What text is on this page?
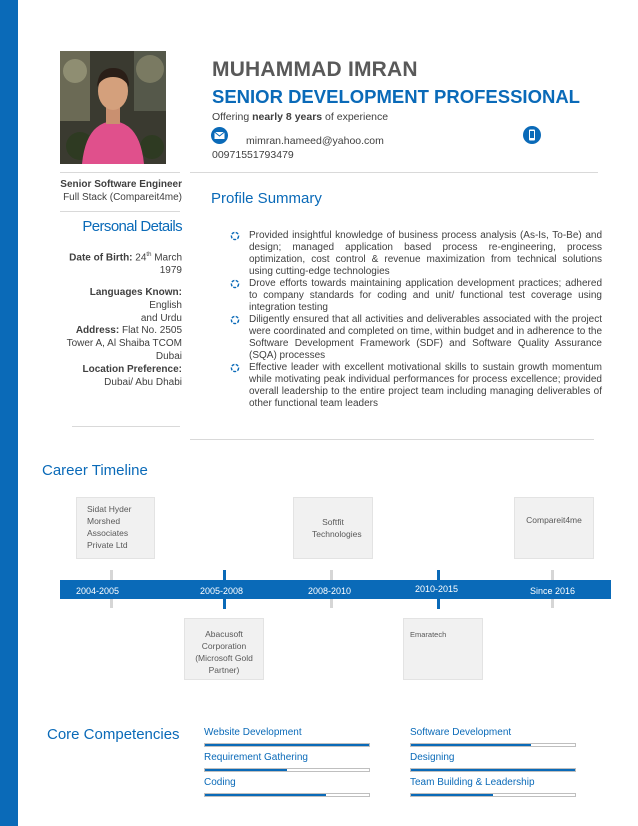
MUHAMMAD IMRAN
SENIOR DEVELOPMENT PROFESSIONAL
Offering nearly 8 years of experience
mimran.hameed@yahoo.com
00971551793479
Senior Software Engineer
Full Stack (Compareit4me)
Personal Details
Date of Birth: 24th March
1979
Languages Known: English
and Urdu
Address: Flat No. 2505
Tower A, Al Shaiba TCOM
Dubai
Location Preference:
Dubai/ Abu Dhabi
Profile Summary
Provided insightful knowledge of business process analysis (As-Is, To-Be) and design; managed application based process re-engineering, process optimization, cost control & revenue maximization from technical solutions using cutting-edge technologies
Drove efforts towards maintaining application development practices; adhered to company standards for coding and unit/ functional test coverage using integration testing
Diligently ensured that all activities and deliverables associated with the project were coordinated and completed on time, within budget and in adherence to the Software Development Framework (SDF) and Software Quality Assurance (SQA) processes
Effective leader with excellent motivational skills to sustain growth momentum while motivating peak individual performances for process excellence; provided overall leadership to the entire project team including managing deliverables of other functional team leaders
Career Timeline
Sidat Hyder Morshed Associates Private Ltd
Softfit Technologies
Compareit4me
2004-2005	2005-2008	2008-2010	2010-2015	Since 2016
Abacusoft Corporation (Microsoft Gold Partner)
Emaratech
Core Competencies Website Development	Software Development
Requirement Gathering	Designing
Coding	Team Building & Leadership
